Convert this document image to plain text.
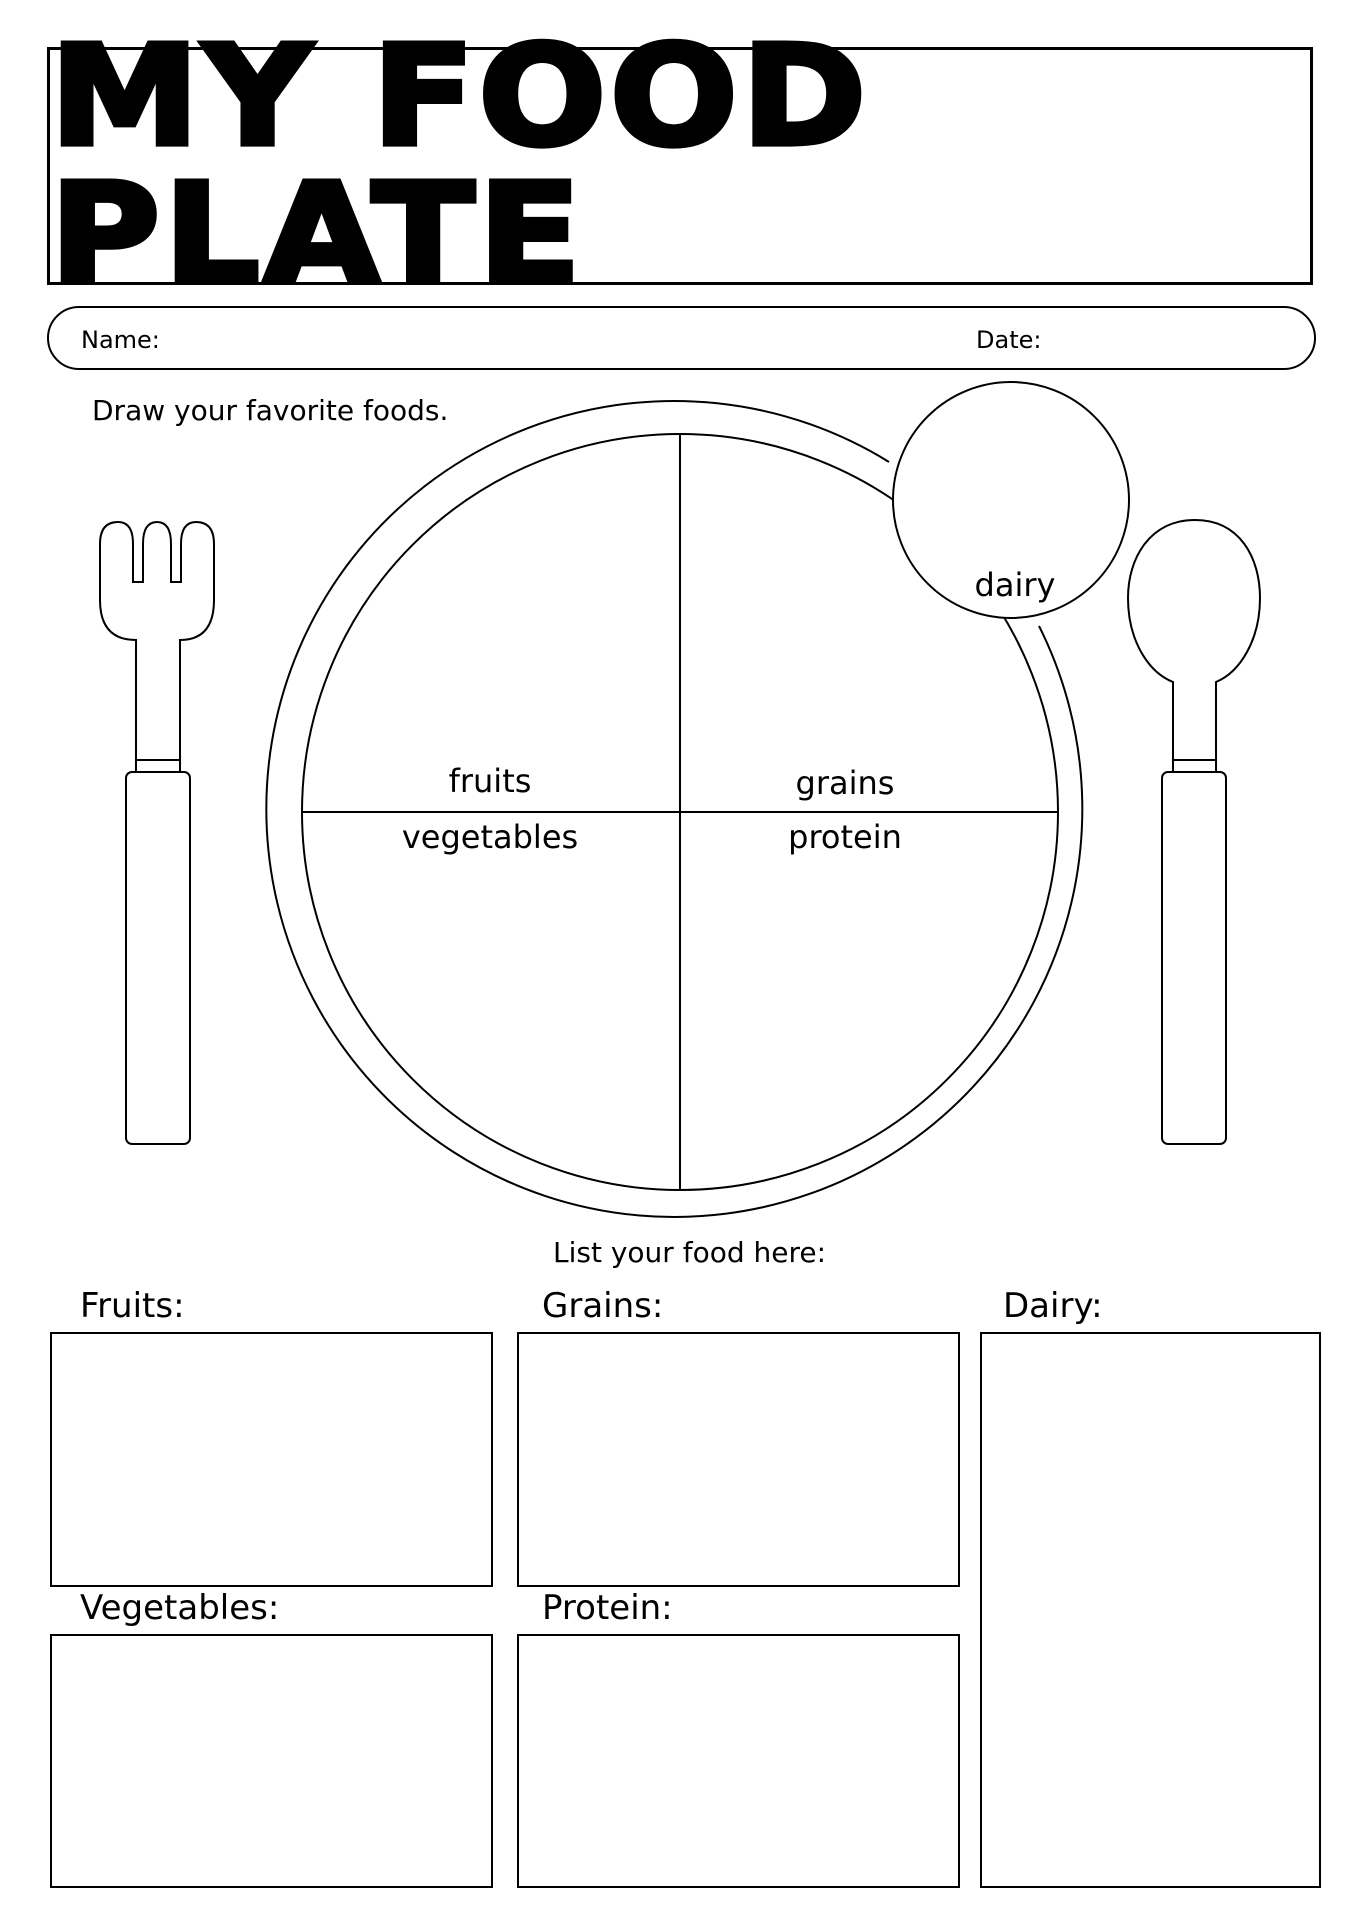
MY FOOD PLATE
Name:	Date:
Draw your favorite foods.
fruits	grains
vegetables	protein
dairy
List your food here:
Fruits:	Grains:	Dairy:
Vegetables:	Protein:
